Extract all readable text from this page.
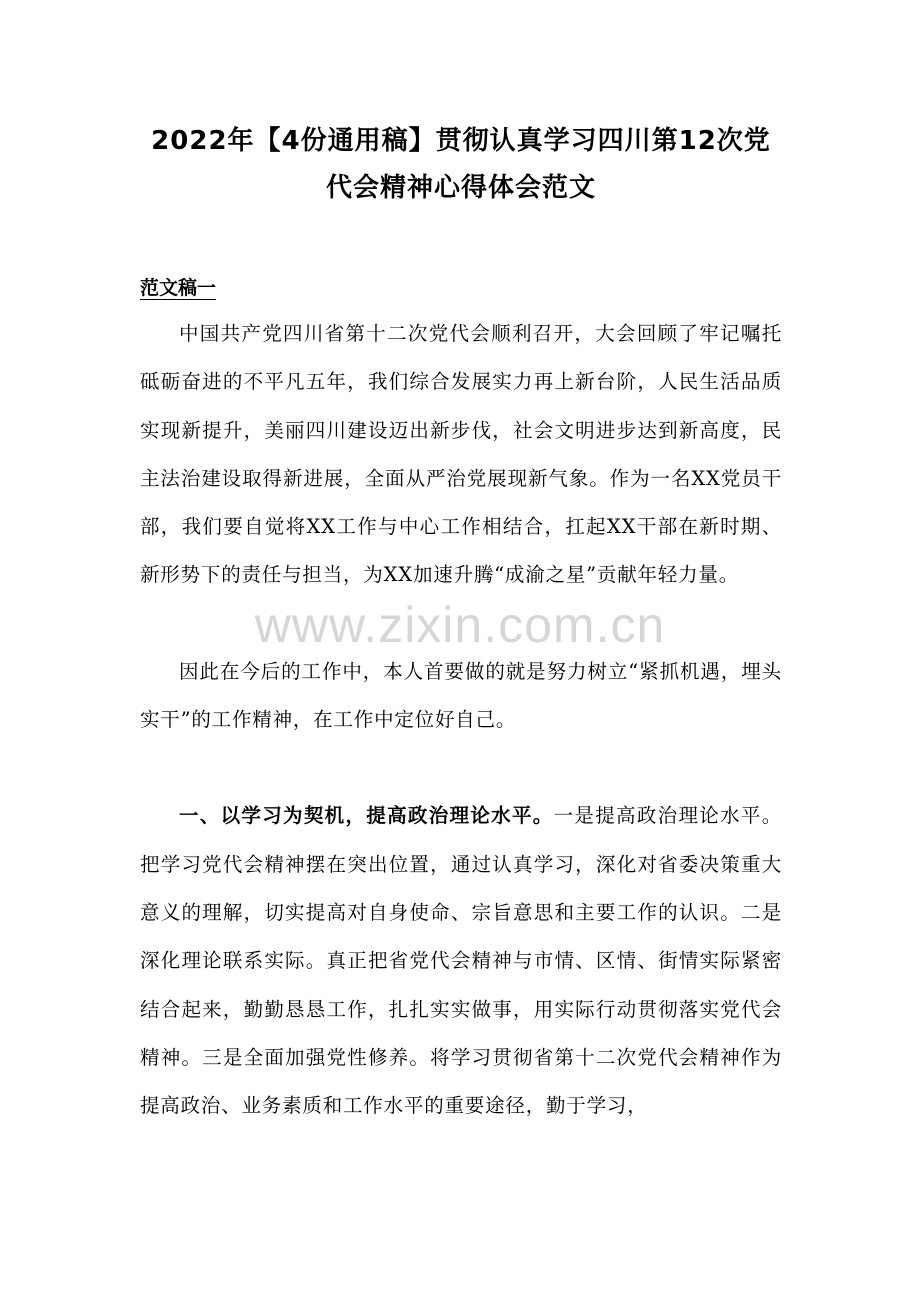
2022年【4份通用稿】贯彻认真学习四川第12次党
代会精神心得体会范文
范文稿一

中国共产党四川省第十二次党代会顺利召开，大会回顾了牢记嘱托砥砺奋进的不平凡五年，我们综合发展实力再上新台阶，人民生活品质实现新提升，美丽四川建设迈出新步伐，社会文明进步达到新高度，民主法治建设取得新进展，全面从严治党展现新气象。作为一名XX党员干部，我们要自觉将XX工作与中心工作相结合，扛起XX干部在新时期、新形势下的责任与担当，为XX加速升腾“成渝之星”贡献年轻力量。

因此在今后的工作中，本人首要做的就是努力树立“紧抓机遇，埋头实干”的工作精神，在工作中定位好自己。

一、以学习为契机，提高政治理论水平。一是提高政治理论水平。把学习党代会精神摆在突出位置，通过认真学习，深化对省委决策重大意义的理解，切实提高对自身使命、宗旨意思和主要工作的认识。二是深化理论联系实际。真正把省党代会精神与市情、区情、街情实际紧密结合起来，勤勤恳恳工作，扎扎实实做事，用实际行动贯彻落实党代会精神。三是全面加强党性修养。将学习贯彻省第十二次党代会精神作为提高政治、业务素质和工作水平的重要途径，勤于学习，

www.zixin.com.cn
